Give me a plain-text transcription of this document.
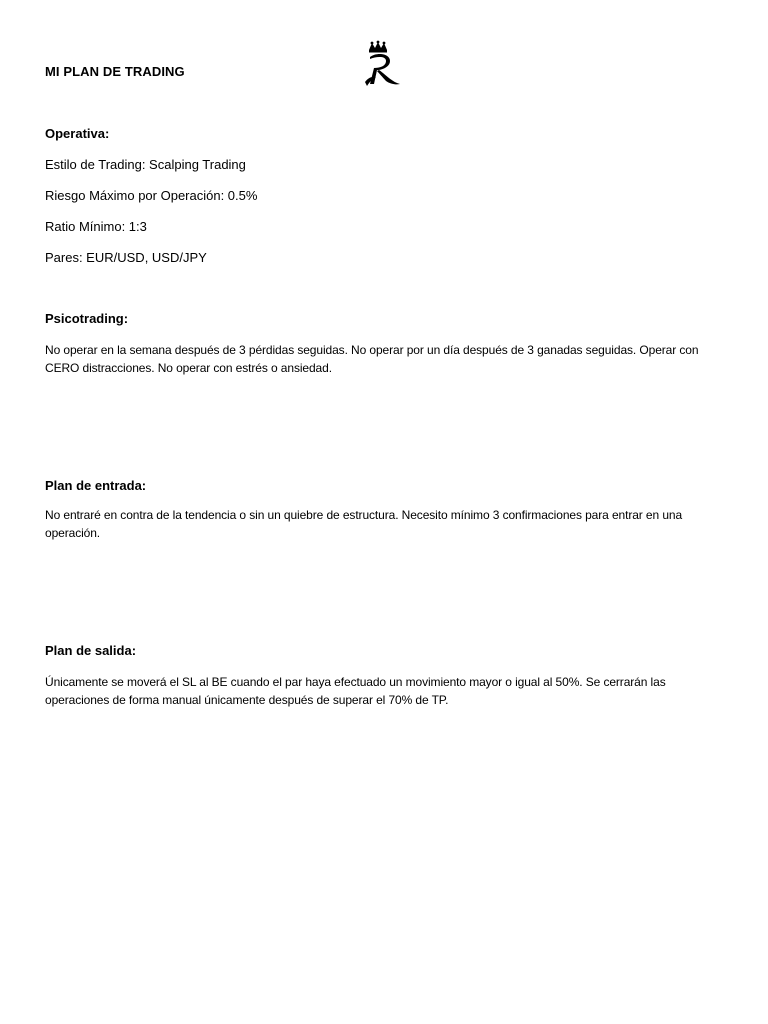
MI PLAN DE TRADING
Operativa:
Estilo de Trading: Scalping Trading
Riesgo Máximo por Operación: 0.5%
Ratio Mínimo: 1:3
Pares: EUR/USD, USD/JPY
Psicotrading:
No operar en la semana después de 3 pérdidas seguidas. No operar por un día después de 3 ganadas seguidas. Operar con CERO distracciones. No operar con estrés o ansiedad.
Plan de entrada:
No entraré en contra de la tendencia o sin un quiebre de estructura. Necesito mínimo 3 confirmaciones para entrar en una operación.
Plan de salida:
Únicamente se moverá el SL al BE cuando el par haya efectuado un movimiento mayor o igual al 50%. Se cerrarán las operaciones de forma manual únicamente después de superar el 70% de TP.
